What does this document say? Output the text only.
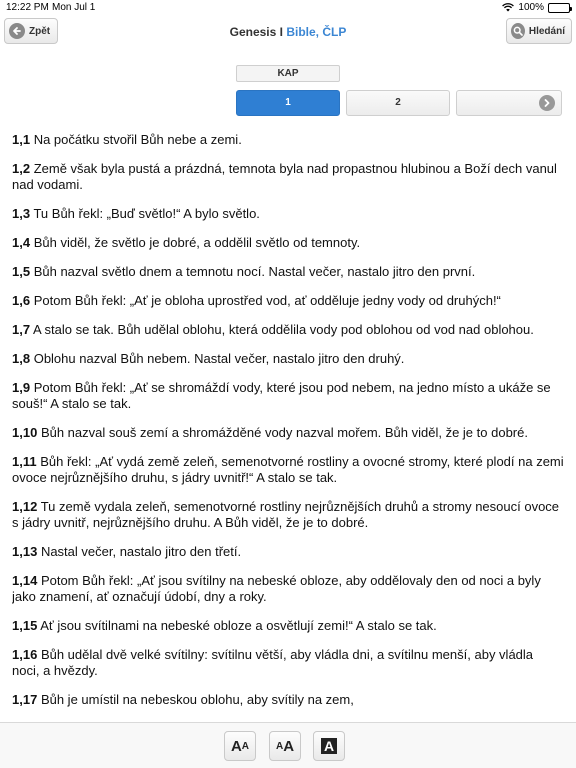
12:22 PM Mon Jul 1	100%
Zpět	Genesis I Bible, ČLP	Hledání
KAP
1	2

1,1 Na počátku stvořil Bůh nebe a zemi.

1,2 Země však byla pustá a prázdná, temnota byla nad propastnou hlubinou a Boží dech vanul nad vodami.

1,3 Tu Bůh řekl: „Buď světlo!“ A bylo světlo.

1,4 Bůh viděl, že světlo je dobré, a oddělil světlo od temnoty.

1,5 Bůh nazval světlo dnem a temnotu nocí. Nastal večer, nastalo jitro den první.

1,6 Potom Bůh řekl: „Ať je obloha uprostřed vod, ať odděluje jedny vody od druhých!“

1,7 A stalo se tak. Bůh udělal oblohu, která oddělila vody pod oblohou od vod nad oblohou.

1,8 Oblohu nazval Bůh nebem. Nastal večer, nastalo jitro den druhý.

1,9 Potom Bůh řekl: „Ať se shromáždí vody, které jsou pod nebem, na jedno místo a ukáže se souš!“ A stalo se tak.

1,10 Bůh nazval souš zemí a shromážděné vody nazval mořem. Bůh viděl, že je to dobré.

1,11 Bůh řekl: „Ať vydá země zeleň, semenotvorné rostliny a ovocné stromy, které plodí na zemi ovoce nejrůznějšího druhu, s jádry uvnitř!“ A stalo se tak.

1,12 Tu země vydala zeleň, semenotvorné rostliny nejrůznějších druhů a stromy nesoucí ovoce s jádry uvnitř, nejrůznějšího druhu. A Bůh viděl, že je to dobré.

1,13 Nastal večer, nastalo jitro den třetí.

1,14 Potom Bůh řekl: „Ať jsou svítilny na nebeské obloze, aby oddělovaly den od noci a byly jako znamení, ať označují údobí, dny a roky.

1,15 Ať jsou svítilnami na nebeské obloze a osvětlují zemi!“ A stalo se tak.

1,16 Bůh udělal dvě velké svítilny: svítilnu větší, aby vládla dni, a svítilnu menší, aby vládla noci, a hvězdy.

1,17 Bůh je umístil na nebeskou oblohu, aby svítily na zem,

A A	A A A
